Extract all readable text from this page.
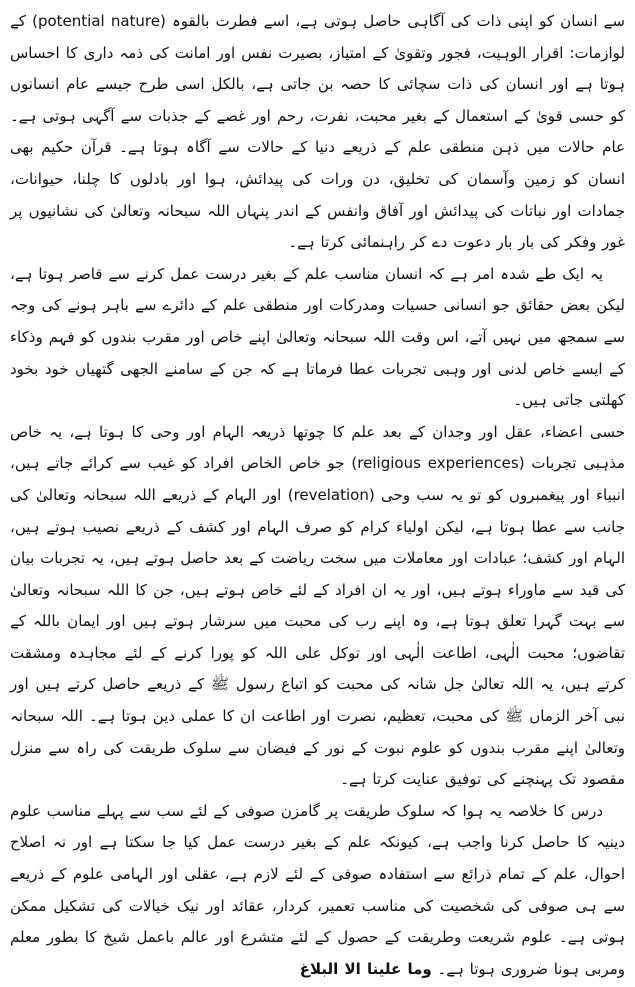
سے انسان کو اپنی ذات کی آگاہی حاصل ہوتی ہے، اسے فطرت بالقوہ (potential nature) کے لوازمات: اقرار الوہیت، فجور وتقویٰ کے امتیاز، بصیرت نفس اور امانت کی ذمہ داری کا احساس ہوتا ہے اور انسان کی ذات سچائی کا حصہ بن جاتی ہے، بالکل اسی طرح جیسے عام انسانوں کو حسی قویٰ کے استعمال کے بغیر محبت، نفرت، رحم اور غصے کے جذبات سے آگہی ہوتی ہے۔ عام حالات میں ذہن منطقی علم کے ذریعے دنیا کے حالات سے آگاہ ہوتا ہے۔ قرآن حکیم بھی انسان کو زمین وآسمان کی تخلیق، دن ورات کی پیدائش، ہوا اور بادلوں کا چلنا، حیوانات، جمادات اور نباتات کی پیدائش اور آفاق وانفس کے اندر پنہاں اللہ سبحانہ وتعالیٰ کی نشانیوں پر غور وفکر کی بار بار دعوت دے کر راہنمائی کرتا ہے۔

یہ ایک طے شدہ امر ہے کہ انسان مناسب علم کے بغیر درست عمل کرنے سے قاصر ہوتا ہے، لیکن بعض حقائق جو انسانی حسیات ومدرکات اور منطقی علم کے دائرے سے باہر ہونے کی وجہ سے سمجھ میں نہیں آتے، اس وقت اللہ سبحانہ وتعالیٰ اپنے خاص اور مقرب بندوں کو فہم وذکاء کے ایسے خاص لدنی اور وہبی تجربات عطا فرماتا ہے کہ جن کے سامنے الجھی گتھیاں خود بخود کھلتی جاتی ہیں۔

حسی اعضاء، عقل اور وجدان کے بعد علم کا چوتھا ذریعہ الہام اور وحی کا ہوتا ہے، یہ خاص مذہبی تجربات (religious experiences) جو خاص الخاص افراد کو غیب سے کرائے جاتے ہیں، انبیاء اور پیغمبروں کو تو یہ سب وحی (revelation) اور الہام کے ذریعے اللہ سبحانہ وتعالیٰ کی جانب سے عطا ہوتا ہے، لیکن اولیاء کرام کو صرف الہام اور کشف کے ذریعے نصیب ہوتے ہیں، الہام اور کشف؛ عبادات اور معاملات میں سخت ریاضت کے بعد حاصل ہوتے ہیں، یہ تجربات بیان کی قید سے ماوراء ہوتے ہیں، اور یہ ان افراد کے لئے خاص ہوتے ہیں، جن کا اللہ سبحانہ وتعالیٰ سے بہت گہرا تعلق ہوتا ہے، وہ اپنے رب کی محبت میں سرشار ہوتے ہیں اور ایمان باللہ کے تقاضوں؛ محبت الٰہی، اطاعت الٰہی اور توکل علی اللہ کو پورا کرنے کے لئے مجاہدہ ومشقت کرتے ہیں، یہ اللہ تعالیٰ جل شانہ کی محبت کو اتباع رسول ﷺ کے ذریعے حاصل کرتے ہیں اور نبی آخر الزماں ﷺ کی محبت، تعظیم، نصرت اور اطاعت ان کا عملی دین ہوتا ہے۔ اللہ سبحانہ وتعالیٰ اپنے مقرب بندوں کو علوم نبوت کے نور کے فیضان سے سلوک طریقت کی راہ سے منزل مقصود تک پہنچنے کی توفیق عنایت کرتا ہے۔

درس کا خلاصہ یہ ہوا کہ سلوک طریقت پر گامزن صوفی کے لئے سب سے پہلے مناسب علوم دینیہ کا حاصل کرنا واجب ہے، کیونکہ علم کے بغیر درست عمل کیا جا سکتا ہے اور نہ اصلاح احوال، علم کے تمام ذرائع سے استفادہ صوفی کے لئے لازم ہے، عقلی اور الہامی علوم کے ذریعے سے ہی صوفی کی شخصیت کی مناسب تعمیر، کردار، عقائد اور نیک خیالات کی تشکیل ممکن ہوتی ہے۔ علوم شریعت وطریقت کے حصول کے لئے متشرع اور عالم باعمل شیخ کا بطور معلم ومربی ہونا ضروری ہوتا ہے۔ وما علینا الا البلاغ
